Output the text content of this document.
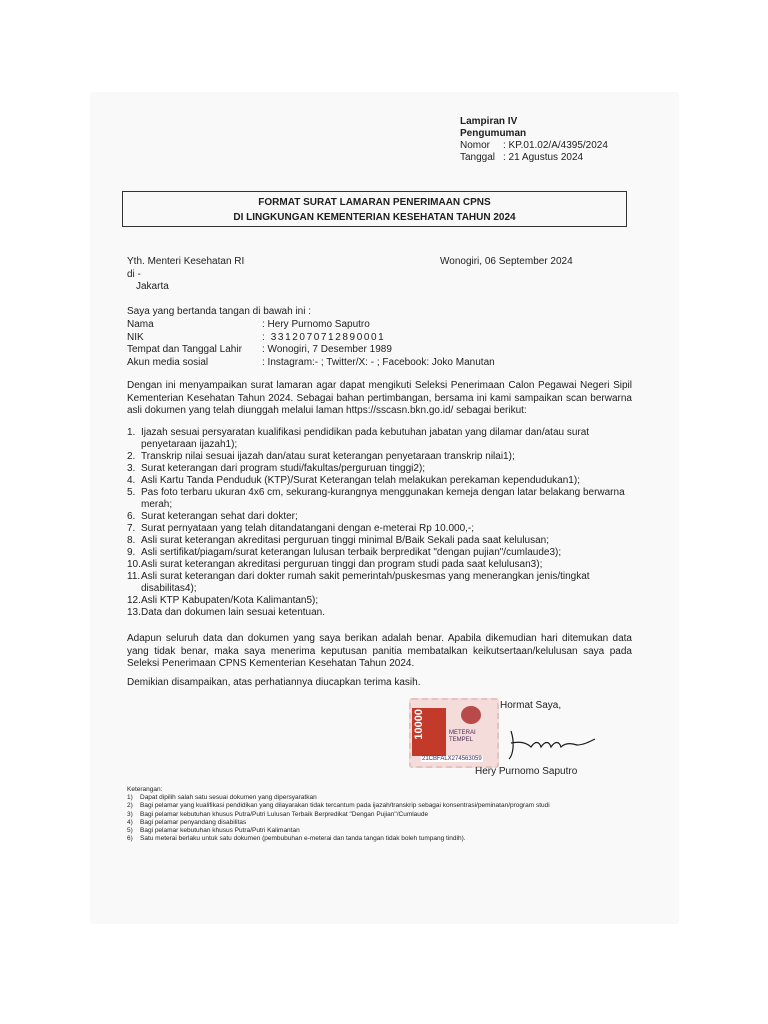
Lampiran IV
Pengumuman
Nomor : KP.01.02/A/4395/2024
Tanggal : 21 Agustus 2024
FORMAT SURAT LAMARAN PENERIMAAN CPNS
DI LINGKUNGAN KEMENTERIAN KESEHATAN TAHUN 2024
Yth. Menteri Kesehatan RI
di -
Jakarta
Wonogiri, 06 September 2024
Saya yang bertanda tangan di bawah ini :
Nama	: Hery Purnomo Saputro
NIK	: 3312070712890001
Tempat dan Tanggal Lahir : Wonogiri, 7 Desember 1989
Akun media sosial	: Instagram:- ; Twitter/X: - ; Facebook: Joko Manutan
Dengan ini menyampaikan surat lamaran agar dapat mengikuti Seleksi Penerimaan Calon Pegawai Negeri Sipil Kementerian Kesehatan Tahun 2024. Sebagai bahan pertimbangan, bersama ini kami sampaikan scan berwarna asli dokumen yang telah diunggah melalui laman https://sscasn.bkn.go.id/ sebagai berikut:
1. Ijazah sesuai persyaratan kualifikasi pendidikan pada kebutuhan jabatan yang dilamar dan/atau surat penyetaraan ijazah1);
2. Transkrip nilai sesuai ijazah dan/atau surat keterangan penyetaraan transkrip nilai1);
3. Surat keterangan dari program studi/fakultas/perguruan tinggi2);
4. Asli Kartu Tanda Penduduk (KTP)/Surat Keterangan telah melakukan perekaman kependudukan1);
5. Pas foto terbaru ukuran 4x6 cm, sekurang-kurangnya menggunakan kemeja dengan latar belakang berwarna merah;
6. Surat keterangan sehat dari dokter;
7. Surat pernyataan yang telah ditandatangani dengan e-meterai Rp 10.000,-;
8. Asli surat keterangan akreditasi perguruan tinggi minimal B/Baik Sekali pada saat kelulusan;
9. Asli sertifikat/piagam/surat keterangan lulusan terbaik berpredikat "dengan pujian"/cumlaude3);
10. Asli surat keterangan akreditasi perguruan tinggi dan program studi pada saat kelulusan3);
11. Asli surat keterangan dari dokter rumah sakit pemerintah/puskesmas yang menerangkan jenis/tingkat disabilitas4);
12. Asli KTP Kabupaten/Kota Kalimantan5);
13. Data dan dokumen lain sesuai ketentuan.
Adapun seluruh data dan dokumen yang saya berikan adalah benar. Apabila dikemudian hari ditemukan data yang tidak benar, maka saya menerima keputusan panitia membatalkan keikutsertaan/kelulusan saya pada Seleksi Penerimaan CPNS Kementerian Kesehatan Tahun 2024.
Demikian disampaikan, atas perhatiannya diucapkan terima kasih.
10000	METERAI
TEMPEL
21CBFALX274563059
Hormat Saya,
Hery Purnomo Saputro
Keterangan:
1)	Dapat dipilih salah satu sesuai dokumen yang dipersyaratkan
2)	Bagi pelamar yang kualifikasi pendidikan yang dilayarakan tidak tercantum pada ijazah/transkrip sebagai konsentrasi/peminatan/program studi
3)	Bagi pelamar kebutuhan khusus Putra/Putri Lulusan Terbaik Berpredikat "Dengan Pujian"/Cumlaude
4)	Bagi pelamar penyandang disabilitas
5)	Bagi pelamar kebutuhan khusus Putra/Putri Kalimantan
6)	Satu meterai berlaku untuk satu dokumen (pembubuhan e-meterai dan tanda tangan tidak boleh tumpang tindih).
